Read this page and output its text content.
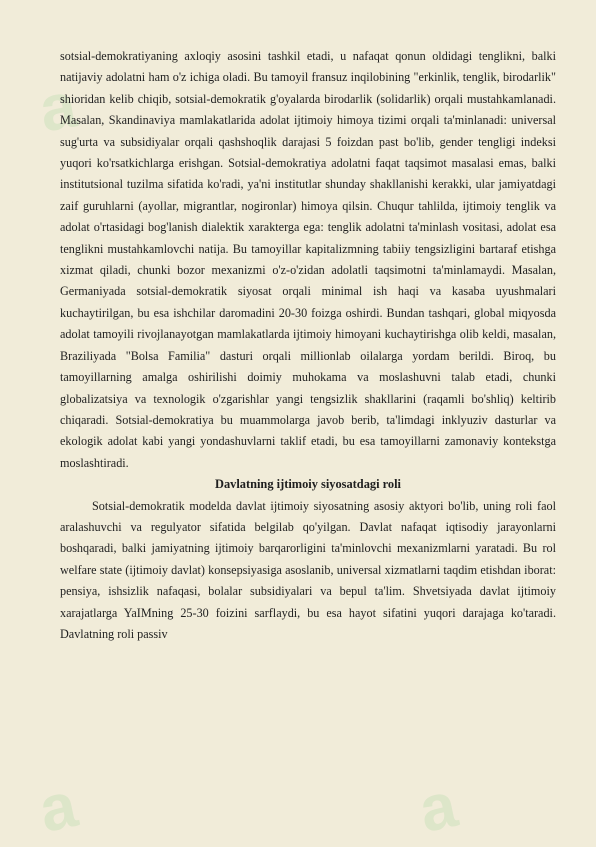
a
a	a

sotsial-demokratiyaning axloqiy asosini tashkil etadi, u nafaqat qonun oldidagi tenglikni, balki natijaviy adolatni ham o'z ichiga oladi. Bu tamoyil fransuz inqilobining "erkinlik, tenglik, birodarlik" shioridan kelib chiqib, sotsial-demokratik g'oyalarda birodarlik (solidarlik) orqali mustahkamlanadi. Masalan, Skandinaviya mamlakatlarida adolat ijtimoiy himoya tizimi orqali ta'minlanadi: universal sug'urta va subsidiyalar orqali qashshoqlik darajasi 5 foizdan past bo'lib, gender tengligi indeksi yuqori ko'rsatkichlarga erishgan. Sotsial-demokratiya adolatni faqat taqsimot masalasi emas, balki institutsional tuzilma sifatida ko'radi, ya'ni institutlar shunday shakllanishi kerakki, ular jamiyatdagi zaif guruhlarni (ayollar, migrantlar, nogironlar) himoya qilsin. Chuqur tahlilda, ijtimoiy tenglik va adolat o'rtasidagi bog'lanish dialektik xarakterga ega: tenglik adolatni ta'minlash vositasi, adolat esa tenglikni mustahkamlovchi natija. Bu tamoyillar kapitalizmning tabiiy tengsizligini bartaraf etishga xizmat qiladi, chunki bozor mexanizmi o'z-o'zidan adolatli taqsimotni ta'minlamaydi. Masalan, Germaniyada sotsial-demokratik siyosat orqali minimal ish haqi va kasaba uyushmalari kuchaytirilgan, bu esa ishchilar daromadini 20-30 foizga oshirdi. Bundan tashqari, global miqyosda adolat tamoyili rivojlanayotgan mamlakatlarda ijtimoiy himoyani kuchaytirishga olib keldi, masalan, Braziliyada "Bolsa Familia" dasturi orqali millionlab oilalarga yordam berildi. Biroq, bu tamoyillarning amalga oshirilishi doimiy muhokama va moslashuvni talab etadi, chunki globalizatsiya va texnologik o'zgarishlar yangi tengsizlik shakllarini (raqamli bo'shliq) keltirib chiqaradi. Sotsial-demokratiya bu muammolarga javob berib, ta'limdagi inklyuziv dasturlar va ekologik adolat kabi yangi yondashuvlarni taklif etadi, bu esa tamoyillarni zamonaviy kontekstga moslashtiradi.

Davlatning ijtimoiy siyosatdagi roli

Sotsial-demokratik modelda davlat ijtimoiy siyosatning asosiy aktyori bo'lib, uning roli faol aralashuvchi va regulyator sifatida belgilab qo'yilgan. Davlat nafaqat iqtisodiy jarayonlarni boshqaradi, balki jamiyatning ijtimoiy barqarorligini ta'minlovchi mexanizmlarni yaratadi. Bu rol welfare state (ijtimoiy davlat) konsepsiyasiga asoslanib, universal xizmatlarni taqdim etishdan iborat: pensiya, ishsizlik nafaqasi, bolalar subsidiyalari va bepul ta'lim. Shvetsiyada davlat ijtimoiy xarajatlarga YaIMning 25-30 foizini sarflaydi, bu esa hayot sifatini yuqori darajaga ko'taradi. Davlatning roli passiv
